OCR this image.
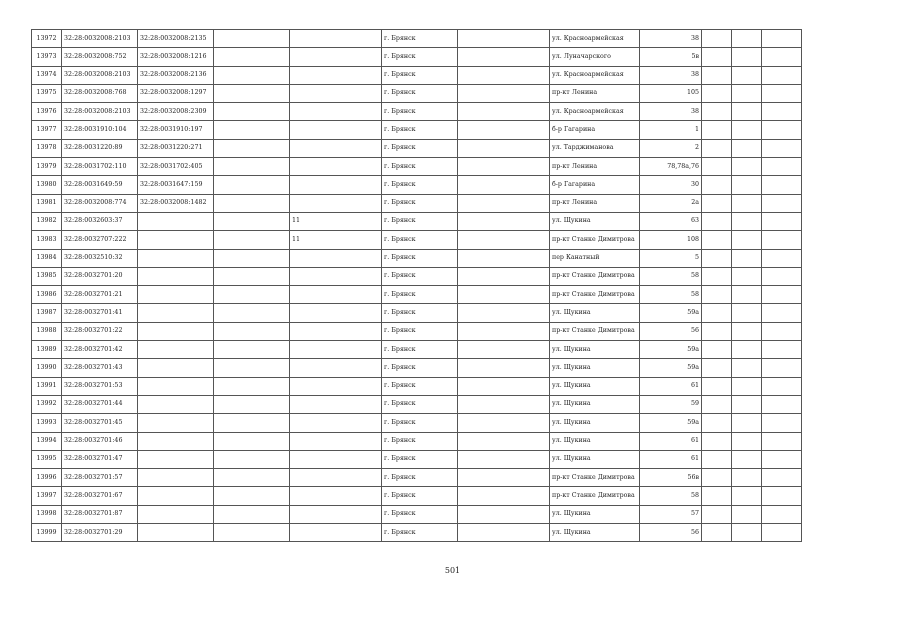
13972	32:28:0032008:2103	32:28:0032008:2135			г. Брянск		ул. Красноармейская	38			
13973	32:28:0032008:752	32:28:0032008:1216			г. Брянск		ул. Луначарского	5в			
13974	32:28:0032008:2103	32:28:0032008:2136			г. Брянск		ул. Красноармейская	38			
13975	32:28:0032008:768	32:28:0032008:1297			г. Брянск		пр-кт Ленина	105			
13976	32:28:0032008:2103	32:28:0032008:2309			г. Брянск		ул. Красноармейская	38			
13977	32:28:0031910:104	32:28:0031910:197			г. Брянск		б-р Гагарина	1			
13978	32:28:0031220:89	32:28:0031220:271			г. Брянск		ул. Тарджиманова	2			
13979	32:28:0031702:110	32:28:0031702:405			г. Брянск		пр-кт Ленина	78,78а,76			
13980	32:28:0031649:59	32:28:0031647:159			г. Брянск		б-р Гагарина	30			
13981	32:28:0032008:774	32:28:0032008:1482			г. Брянск		пр-кт Ленина	2а			
13982	32:28:0032603:37			11	г. Брянск		ул. Щукина	63			
13983	32:28:0032707:222			11	г. Брянск		пр-кт Станке Димитрова	108			
13984	32:28:0032510:32				г. Брянск		пер Канатный	5			
13985	32:28:0032701:20				г. Брянск		пр-кт Станке Димитрова	58			
13986	32:28:0032701:21				г. Брянск		пр-кт Станке Димитрова	58			
13987	32:28:0032701:41				г. Брянск		ул. Щукина	59а			
13988	32:28:0032701:22				г. Брянск		пр-кт Станке Димитрова	56			
13989	32:28:0032701:42				г. Брянск		ул. Щукина	59а			
13990	32:28:0032701:43				г. Брянск		ул. Щукина	59а			
13991	32:28:0032701:53				г. Брянск		ул. Щукина	61			
13992	32:28:0032701:44				г. Брянск		ул. Щукина	59			
13993	32:28:0032701:45				г. Брянск		ул. Щукина	59а			
13994	32:28:0032701:46				г. Брянск		ул. Щукина	61			
13995	32:28:0032701:47				г. Брянск		ул. Щукина	61			
13996	32:28:0032701:57				г. Брянск		пр-кт Станке Димитрова	56в			
13997	32:28:0032701:67				г. Брянск		пр-кт Станке Димитрова	58			
13998	32:28:0032701:87				г. Брянск		ул. Щукина	57			
13999	32:28:0032701:29				г. Брянск		ул. Щукина	56			
501
